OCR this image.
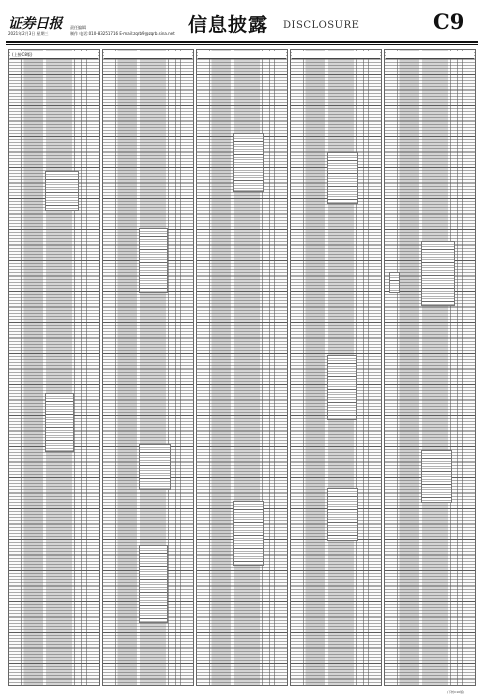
证券日报 责任编辑
2021年2月3日 星期三	制作 电话:010-83251716 E-mail:zqrb9@zqrb.sina.net 信息披露 DISCLOSURE	C9
(上接C8版)
(下转C10版)
